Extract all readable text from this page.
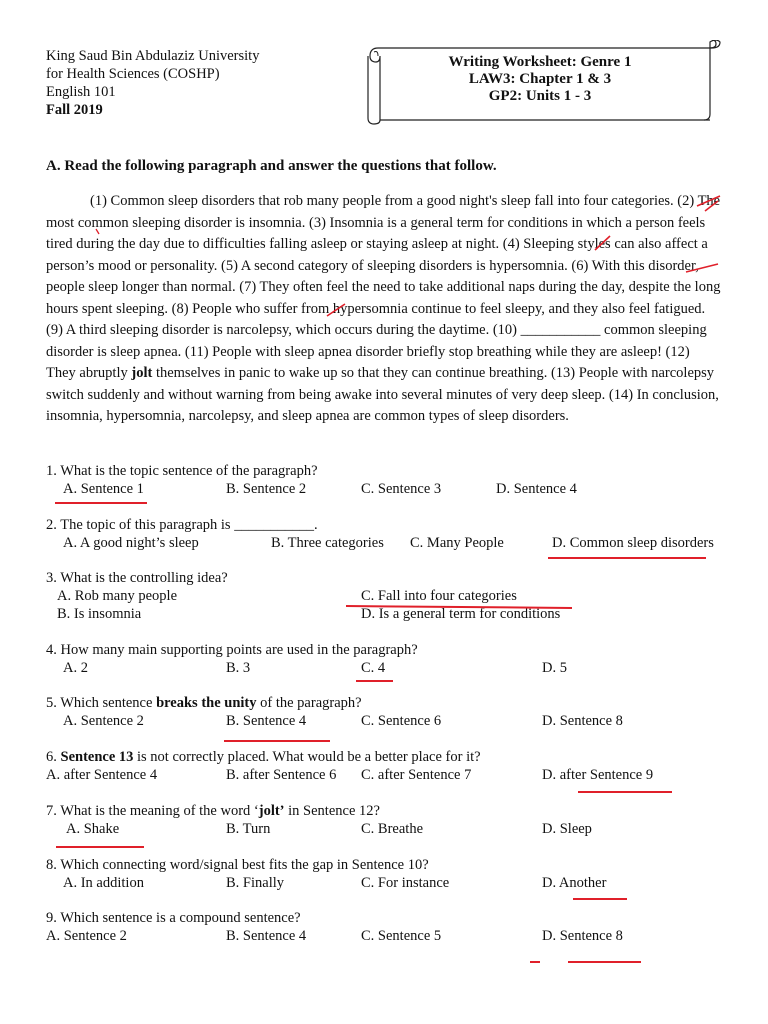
King Saud Bin Abdulaziz University
for Health Sciences (COSHP)
English 101
Fall 2019
Writing Worksheet: Genre 1
LAW3: Chapter 1 & 3
GP2: Units 1 - 3
A. Read the following paragraph and answer the questions that follow.
(1) Common sleep disorders that rob many people from a good night's sleep fall into four categories. (2) The most common sleeping disorder is insomnia. (3) Insomnia is a general term for conditions in which a person feels tired during the day due to difficulties falling asleep or staying asleep at night. (4) Sleeping styles can also affect a person’s mood or personality. (5) A second category of sleeping disorders is hypersomnia. (6) With this disorder, people sleep longer than normal. (7) They often feel the need to take additional naps during the day, despite the long hours spent sleeping. (8) People who suffer from hypersomnia continue to feel sleepy, and they also feel fatigued. (9) A third sleeping disorder is narcolepsy, which occurs during the daytime. (10) ___________ common sleeping disorder is sleep apnea. (11) People with sleep apnea disorder briefly stop breathing while they are asleep! (12) They abruptly jolt themselves in panic to wake up so that they can continue breathing. (13) People with narcolepsy switch suddenly and without warning from being awake into several minutes of very deep sleep. (14) In conclusion, insomnia, hypersomnia, narcolepsy, and sleep apnea are common types of sleep disorders.
1. What is the topic sentence of the paragraph?
A. Sentence 1	B. Sentence 2	C. Sentence 3	D. Sentence 4
2. The topic of this paragraph is ___________.
A. A good night’s sleep	B. Three categories C. Many People	D. Common sleep disorders
3. What is the controlling idea?
A. Rob many people	C. Fall into four categories
B. Is insomnia	D. Is a general term for conditions
4. How many main supporting points are used in the paragraph?
A. 2	B. 3	C. 4	D. 5
5. Which sentence breaks the unity of the paragraph?
A. Sentence 2	B. Sentence 4	C. Sentence 6	D. Sentence 8
6. Sentence 13 is not correctly placed. What would be a better place for it?
A. after Sentence 4	B. after Sentence 6 C. after Sentence 7	D. after Sentence 9
7. What is the meaning of the word ‘jolt’ in Sentence 12?
A. Shake	B. Turn	C. Breathe	D. Sleep
8. Which connecting word/signal best fits the gap in Sentence 10?
A. In addition	B. Finally	C. For instance	D. Another
9. Which sentence is a compound sentence?
A. Sentence 2	B. Sentence 4	C. Sentence 5	D. Sentence 8
